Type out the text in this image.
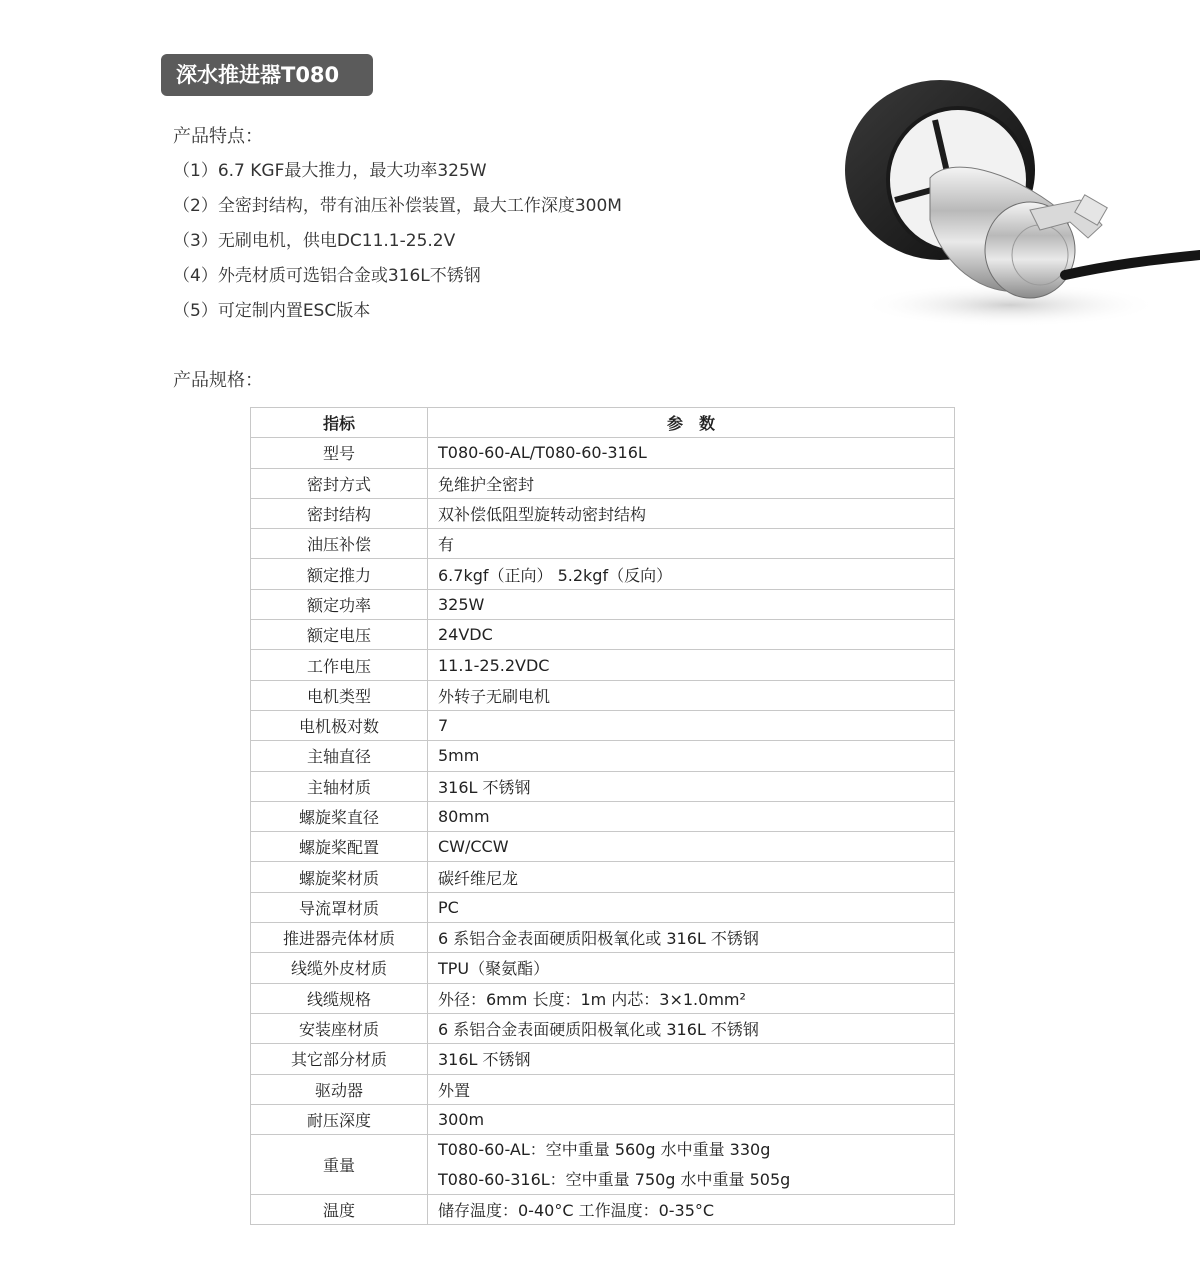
深水推进器T080
产品特点：
（1）6.7 KGF最大推力，最大功率325W
（2）全密封结构，带有油压补偿装置，最大工作深度300M
（3）无刷电机，供电DC11.1-25.2V
（4）外壳材质可选铝合金或316L不锈钢
（5）可定制内置ESC版本
产品规格：
指标	参　数
型号	T080-60-AL/T080-60-316L
密封方式	免维护全密封
密封结构	双补偿低阻型旋转动密封结构
油压补偿	有
额定推力	6.7kgf（正向） 5.2kgf（反向）
额定功率	325W
额定电压	24VDC
工作电压	11.1-25.2VDC
电机类型	外转子无刷电机
电机极对数	7
主轴直径	5mm
主轴材质	316L 不锈钢
螺旋桨直径	80mm
螺旋桨配置	CW/CCW
螺旋桨材质	碳纤维尼龙
导流罩材质	PC
推进器壳体材质	6 系铝合金表面硬质阳极氧化或 316L 不锈钢
线缆外皮材质	TPU（聚氨酯）
线缆规格	外径：6mm 长度：1m 内芯：3×1.0mm²
安装座材质	6 系铝合金表面硬质阳极氧化或 316L 不锈钢
其它部分材质	316L 不锈钢
驱动器	外置
耐压深度	300m
重量	T080-60-AL：空中重量 560g 水中重量 330g
T080-60-316L：空中重量 750g 水中重量 505g

温度	储存温度：0-40°C 工作温度：0-35°C
